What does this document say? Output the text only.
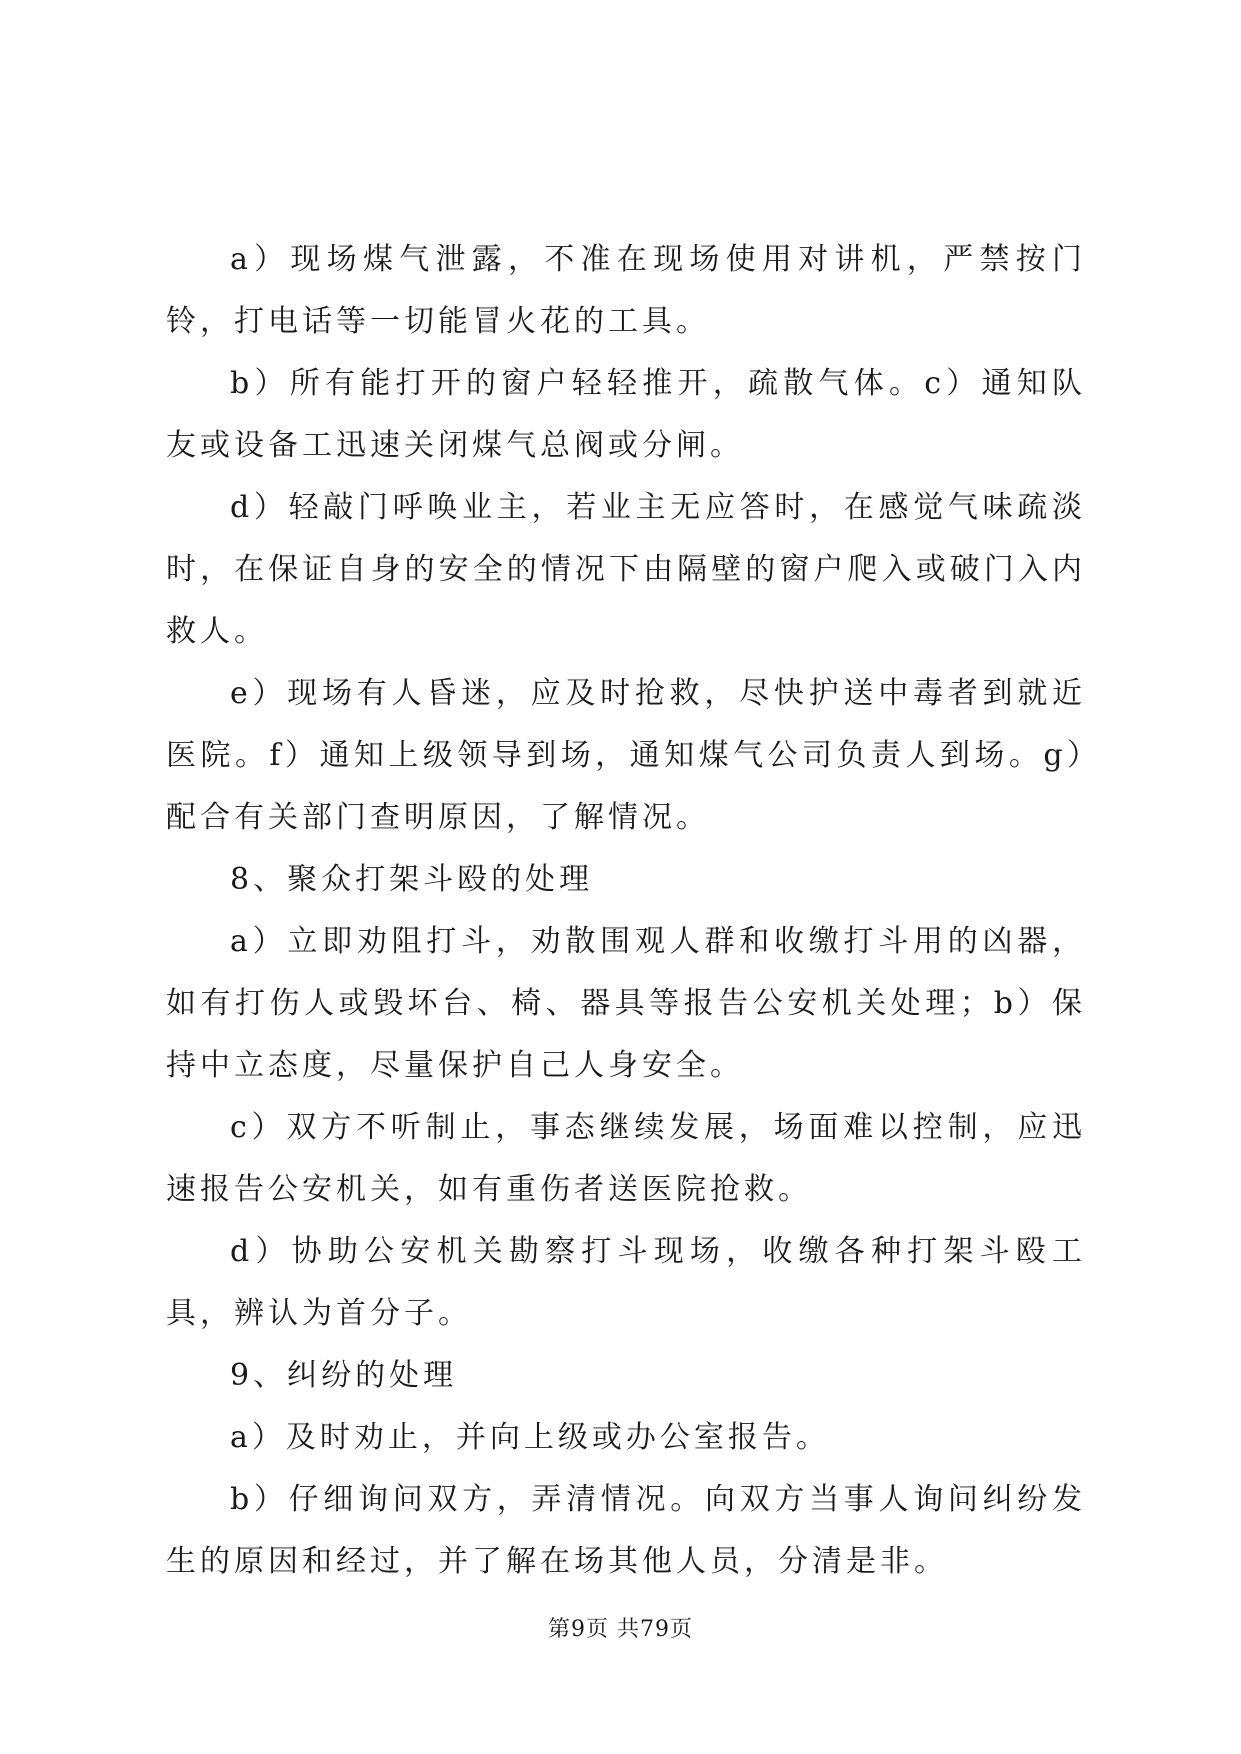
a）现场煤气泄露，不准在现场使用对讲机，严禁按门铃，打电话等一切能冒火花的工具。

b）所有能打开的窗户轻轻推开，疏散气体。c）通知队友或设备工迅速关闭煤气总阀或分闸。

d）轻敲门呼唤业主，若业主无应答时，在感觉气味疏淡时，在保证自身的安全的情况下由隔壁的窗户爬入或破门入内救人。

e）现场有人昏迷，应及时抢救，尽快护送中毒者到就近医院。f）通知上级领导到场，通知煤气公司负责人到场。g）配合有关部门查明原因，了解情况。

8、聚众打架斗殴的处理

a）立即劝阻打斗，劝散围观人群和收缴打斗用的凶器，如有打伤人或毁坏台、椅、器具等报告公安机关处理；b）保持中立态度，尽量保护自己人身安全。

c）双方不听制止，事态继续发展，场面难以控制，应迅速报告公安机关，如有重伤者送医院抢救。

d）协助公安机关勘察打斗现场，收缴各种打架斗殴工具，辨认为首分子。

9、纠纷的处理

a）及时劝止，并向上级或办公室报告。

b）仔细询问双方，弄清情况。向双方当事人询问纠纷发生的原因和经过，并了解在场其他人员，分清是非。

第9页 共79页
